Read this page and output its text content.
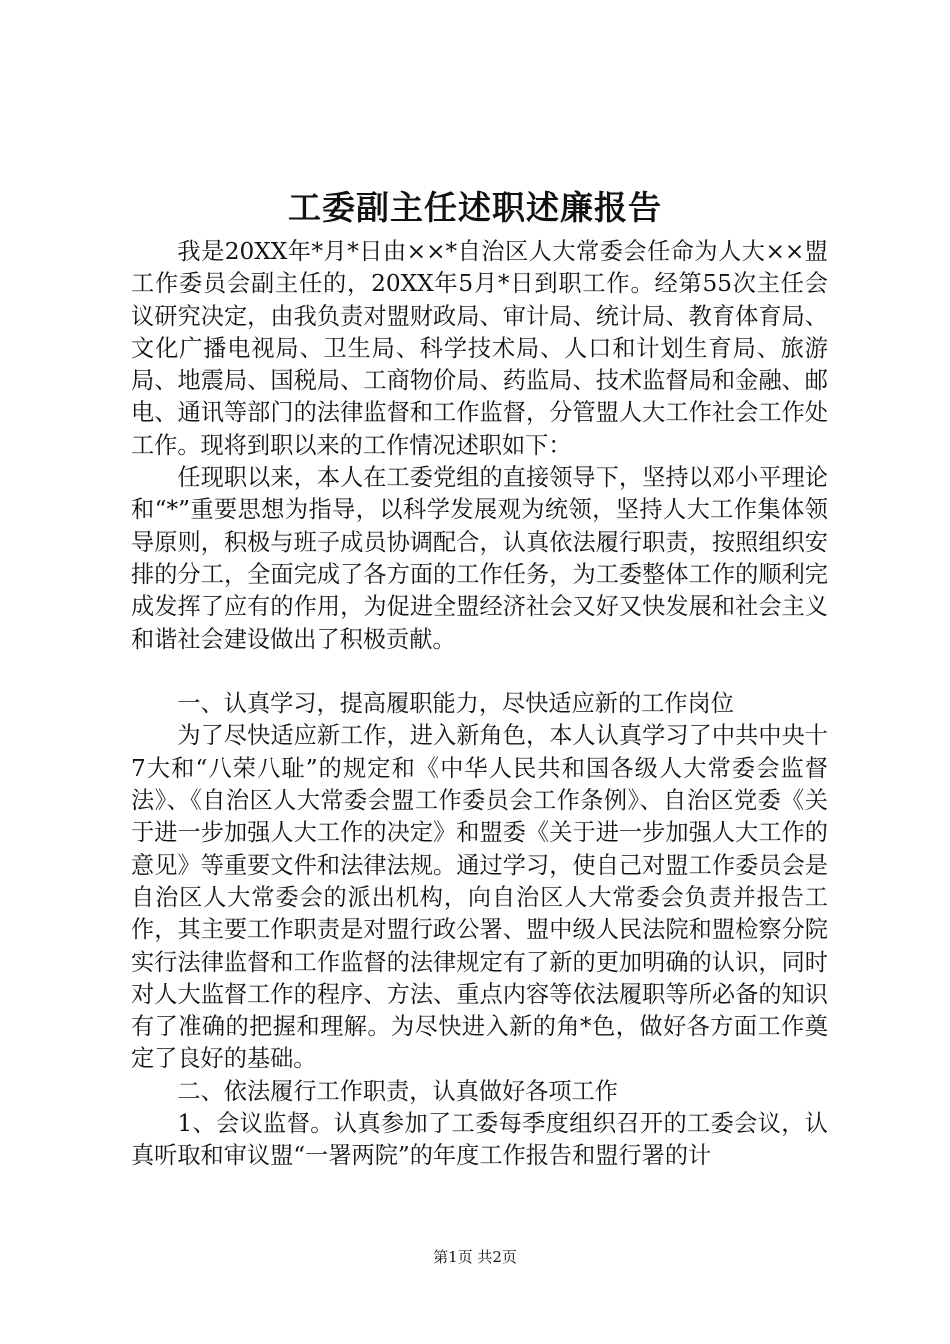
工委副主任述职述廉报告

我是20XX年*月*日由××*自治区人大常委会任命为人大××盟工作委员会副主任的，20XX年5月*日到职工作。经第55次主任会议研究决定，由我负责对盟财政局、审计局、统计局、教育体育局、文化广播电视局、卫生局、科学技术局、人口和计划生育局、旅游局、地震局、国税局、工商物价局、药监局、技术监督局和金融、邮电、通讯等部门的法律监督和工作监督，分管盟人大工作社会工作处工作。现将到职以来的工作情况述职如下：

任现职以来，本人在工委党组的直接领导下，坚持以邓小平理论和“*”重要思想为指导，以科学发展观为统领，坚持人大工作集体领导原则，积极与班子成员协调配合，认真依法履行职责，按照组织安排的分工，全面完成了各方面的工作任务，为工委整体工作的顺利完成发挥了应有的作用，为促进全盟经济社会又好又快发展和社会主义和谐社会建设做出了积极贡献。

一、认真学习，提高履职能力，尽快适应新的工作岗位

为了尽快适应新工作，进入新角色，本人认真学习了中共中央十7大和“八荣八耻”的规定和《中华人民共和国各级人大常委会监督法》、《自治区人大常委会盟工作委员会工作条例》、自治区党委《关于进一步加强人大工作的决定》和盟委《关于进一步加强人大工作的意见》等重要文件和法律法规。通过学习，使自己对盟工作委员会是自治区人大常委会的派出机构，向自治区人大常委会负责并报告工作，其主要工作职责是对盟行政公署、盟中级人民法院和盟检察分院实行法律监督和工作监督的法律规定有了新的更加明确的认识，同时对人大监督工作的程序、方法、重点内容等依法履职等所必备的知识有了准确的把握和理解。为尽快进入新的角*色，做好各方面工作奠定了良好的基础。

二、依法履行工作职责，认真做好各项工作

1、会议监督。认真参加了工委每季度组织召开的工委会议，认真听取和审议盟“一署两院”的年度工作报告和盟行署的计

第1页 共2页
